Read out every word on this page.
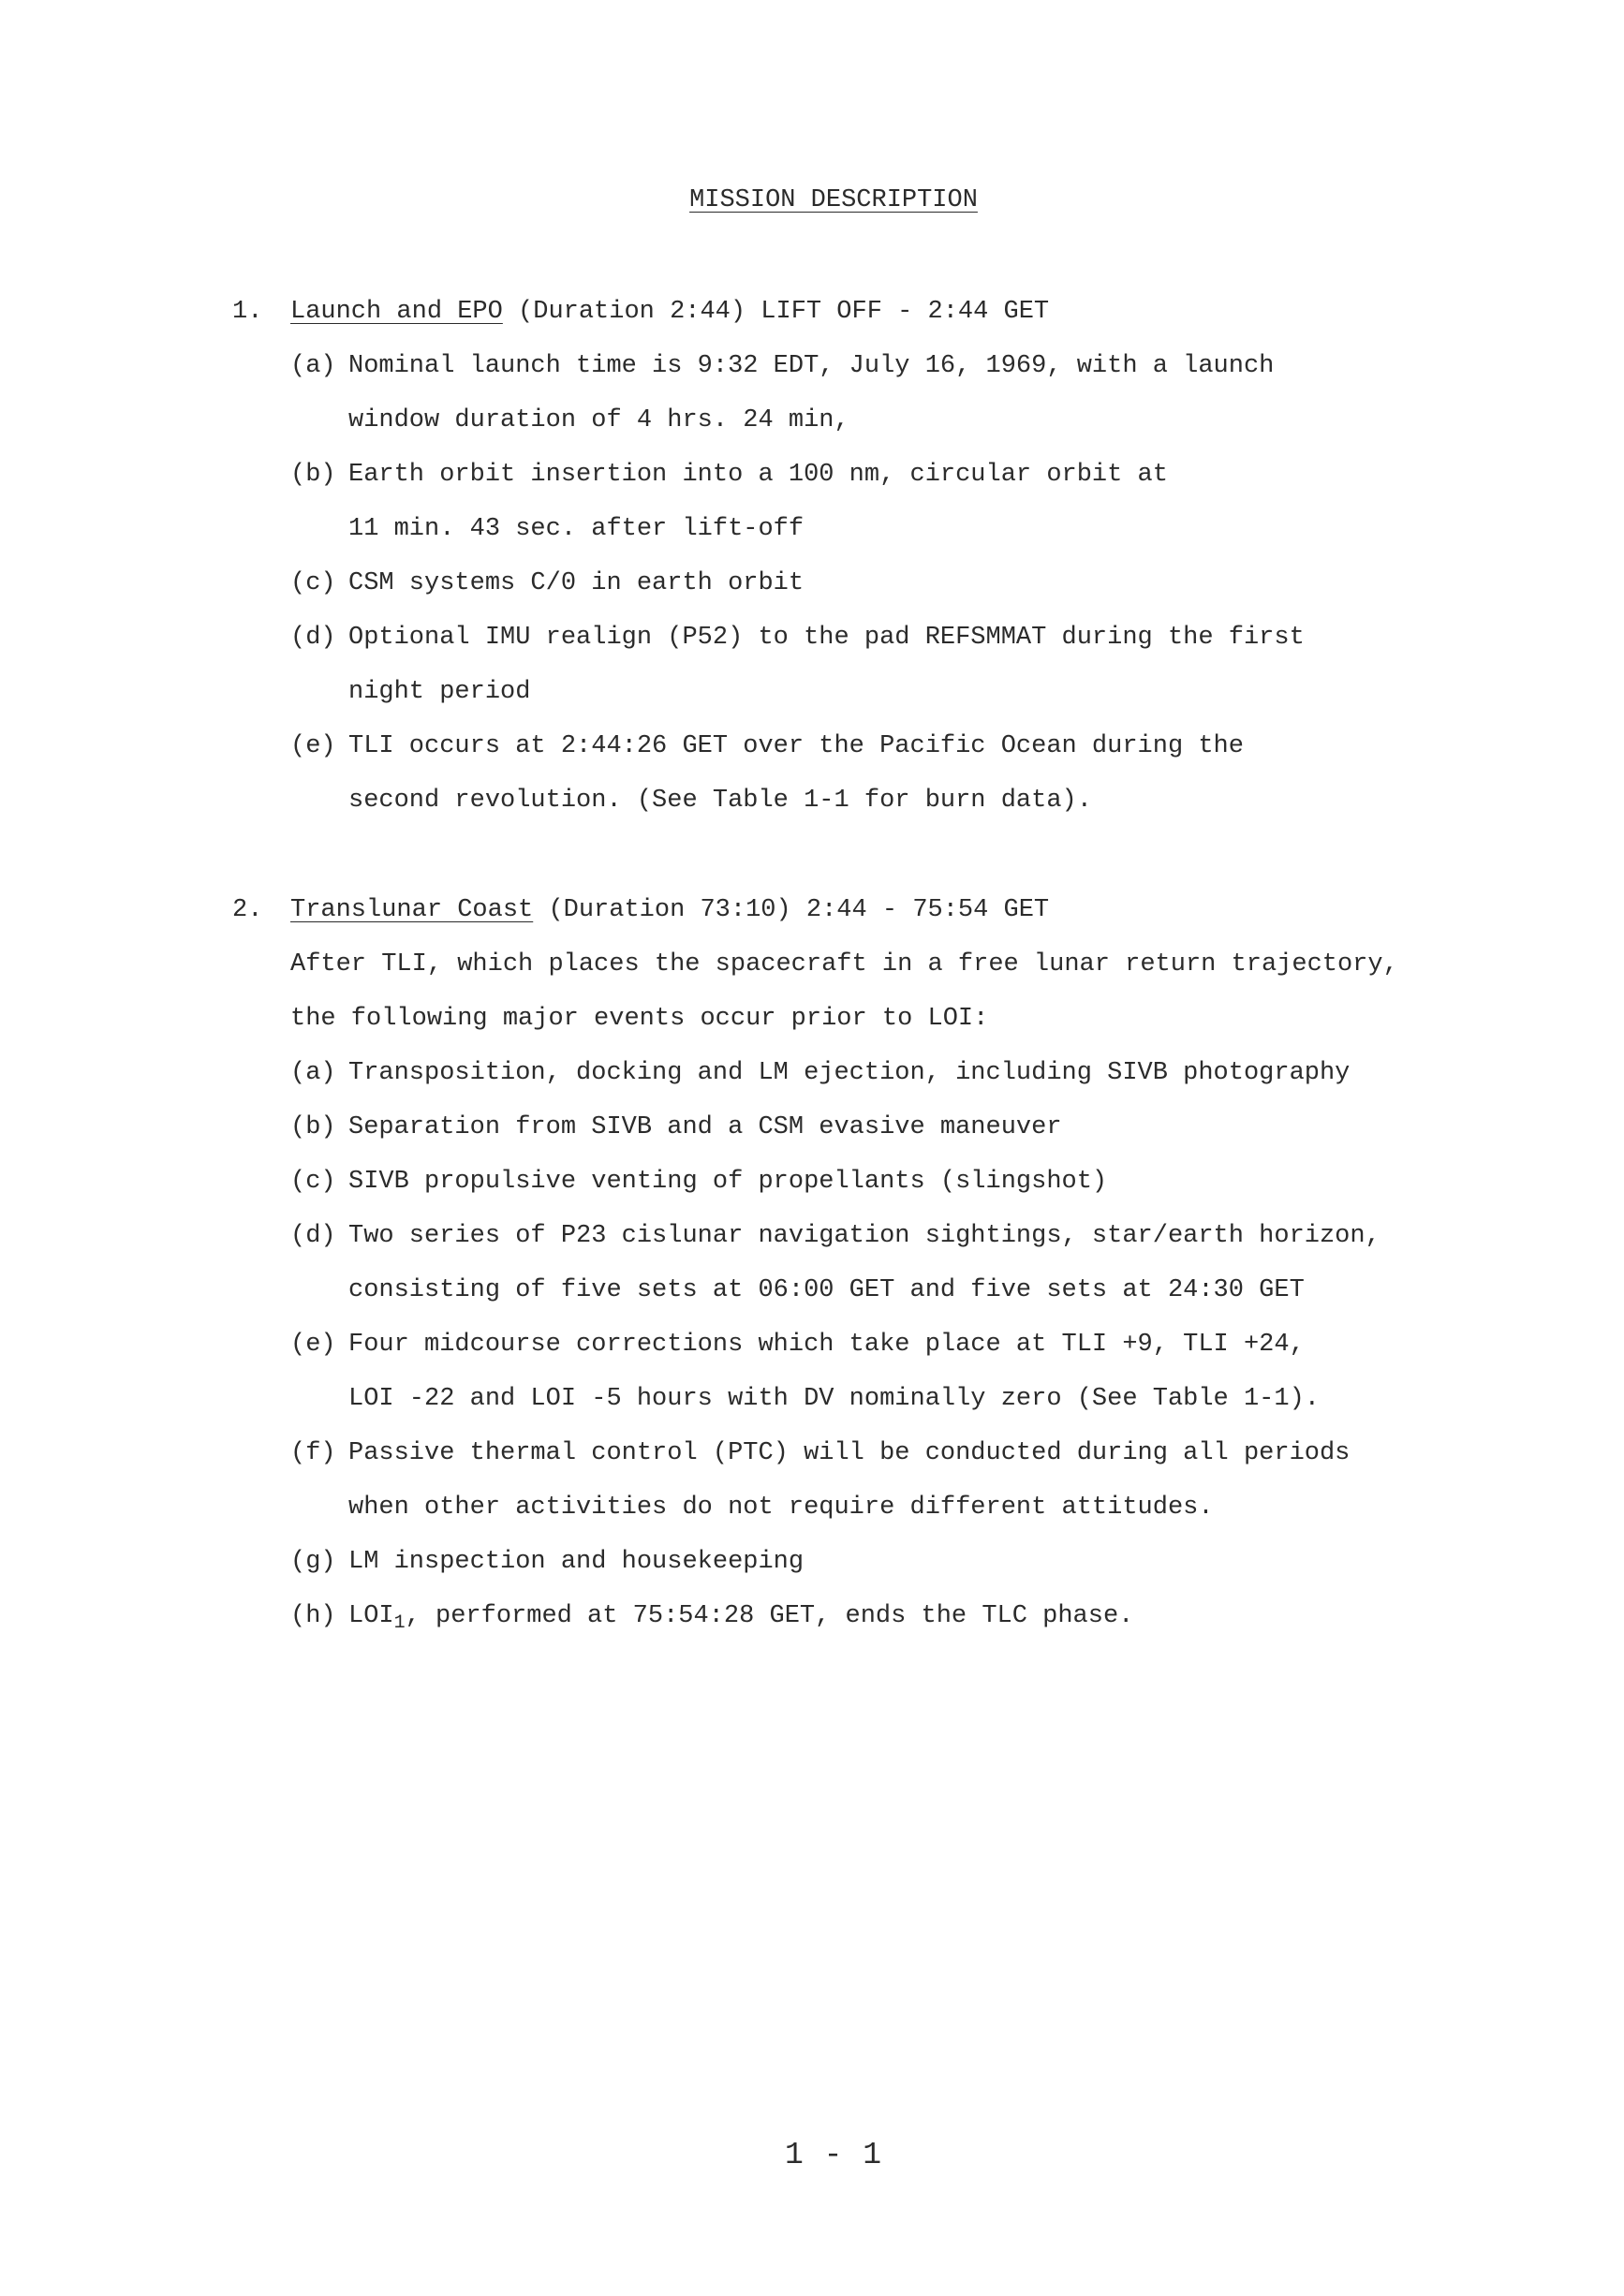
MISSION DESCRIPTION
1. Launch and EPO (Duration 2:44) LIFT OFF - 2:44 GET
(a) Nominal launch time is 9:32 EDT, July 16, 1969, with a launch
window duration of 4 hrs. 24 min,
(b) Earth orbit insertion into a 100 nm, circular orbit at
11 min. 43 sec. after lift-off
(c) CSM systems C/0 in earth orbit
(d) Optional IMU realign (P52) to the pad REFSMMAT during the first
night period
(e) TLI occurs at 2:44:26 GET over the Pacific Ocean during the
second revolution. (See Table 1-1 for burn data).
2. Translunar Coast (Duration 73:10) 2:44 - 75:54 GET
After TLI, which places the spacecraft in a free lunar return trajectory,
the following major events occur prior to LOI:
(a) Transposition, docking and LM ejection, including SIVB photography
(b) Separation from SIVB and a CSM evasive maneuver
(c) SIVB propulsive venting of propellants (slingshot)
(d) Two series of P23 cislunar navigation sightings, star/earth horizon,
consisting of five sets at 06:00 GET and five sets at 24:30 GET
(e) Four midcourse corrections which take place at TLI +9, TLI +24,
LOI -22 and LOI -5 hours with DV nominally zero (See Table 1-1).
(f) Passive thermal control (PTC) will be conducted during all periods
when other activities do not require different attitudes.
(g) LM inspection and housekeeping
(h) $LOI_1$, performed at 75:54:28 GET, ends the TLC phase.
1 - 1
